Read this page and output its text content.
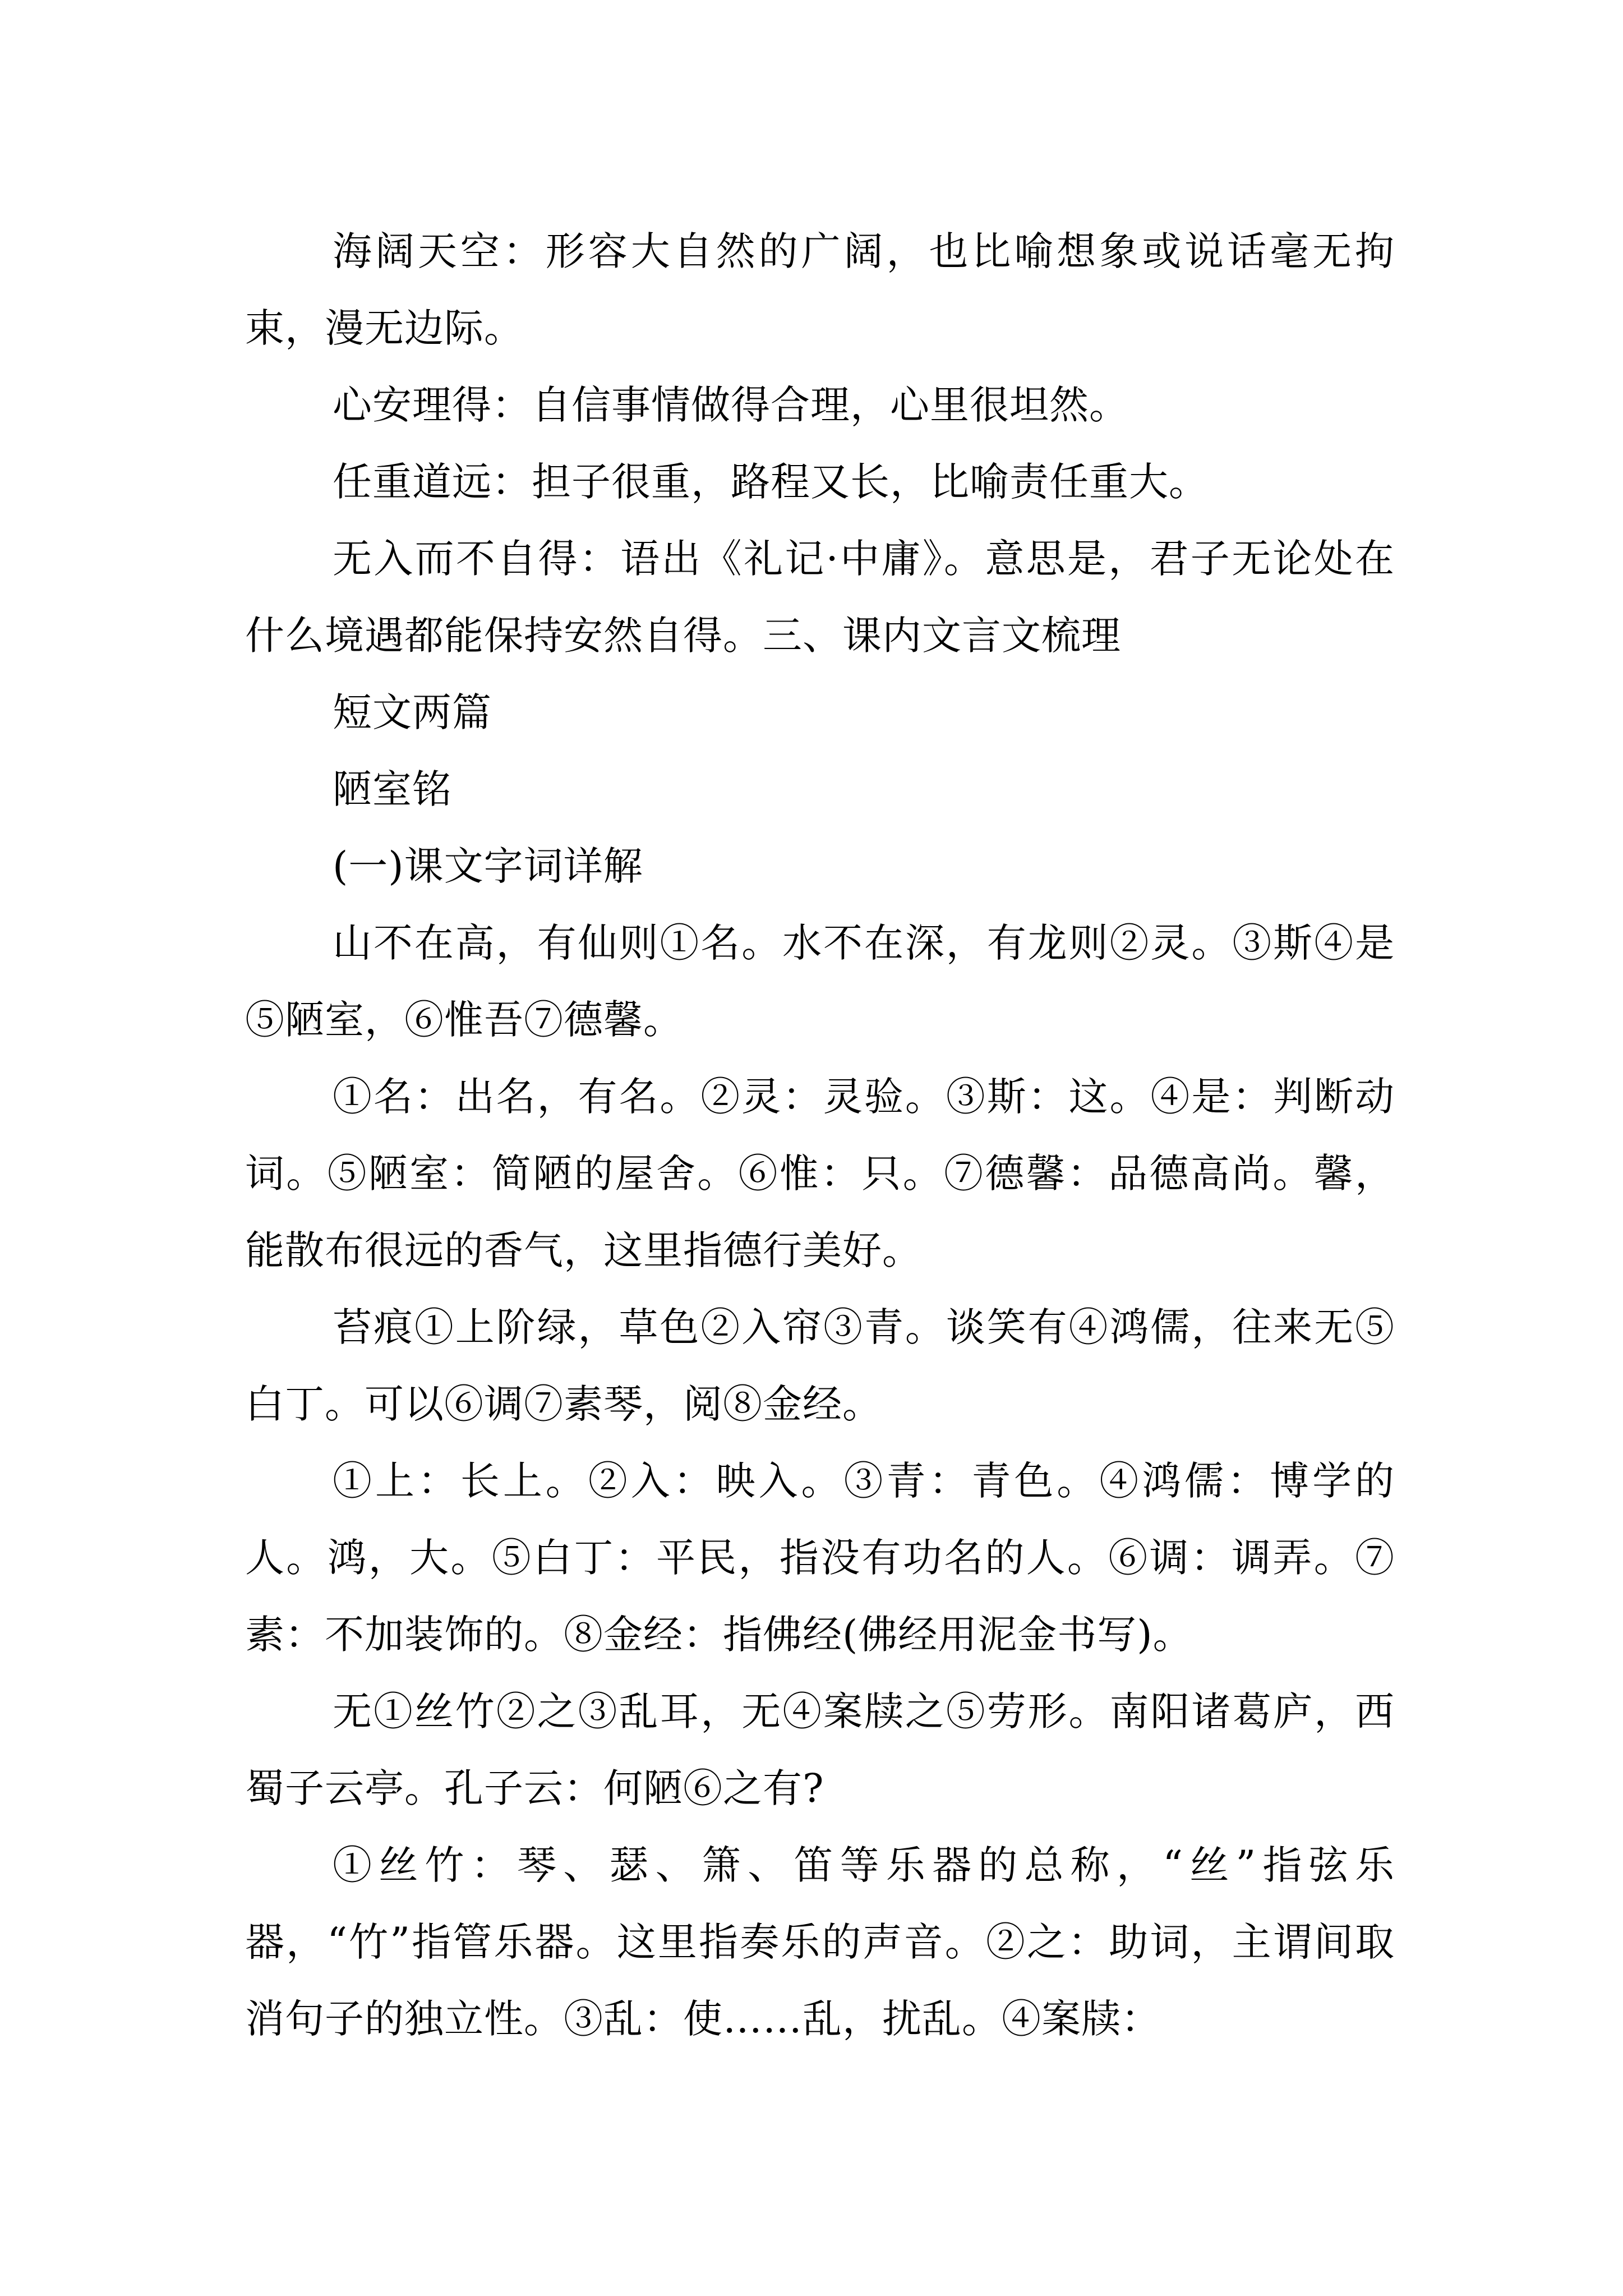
海阔天空：形容大自然的广阔，也比喻想象或说话毫无拘束，漫无边际。

心安理得：自信事情做得合理，心里很坦然。

任重道远：担子很重，路程又长，比喻责任重大。

无入而不自得：语出《礼记·中庸》。意思是，君子无论处在什么境遇都能保持安然自得。三、课内文言文梳理

短文两篇

陋室铭

(一)课文字词详解

山不在高，有仙则①名。水不在深，有龙则②灵。③斯④是⑤陋室，⑥惟吾⑦德馨。

①名：出名，有名。②灵：灵验。③斯：这。④是：判断动词。⑤陋室：简陋的屋舍。⑥惟：只。⑦德馨：品德高尚。馨，能散布很远的香气，这里指德行美好。

苔痕①上阶绿，草色②入帘③青。谈笑有④鸿儒，往来无⑤白丁。可以⑥调⑦素琴，阅⑧金经。

①上：长上。②入：映入。③青：青色。④鸿儒：博学的人。鸿，大。⑤白丁：平民，指没有功名的人。⑥调：调弄。⑦素：不加装饰的。⑧金经：指佛经(佛经用泥金书写)。

无①丝竹②之③乱耳，无④案牍之⑤劳形。南阳诸葛庐，西蜀子云亭。孔子云：何陋⑥之有?

①丝竹：琴、瑟、箫、笛等乐器的总称，“丝”指弦乐器，“竹”指管乐器。这里指奏乐的声音。②之：助词，主谓间取消句子的独立性。③乱：使……乱，扰乱。④案牍：
